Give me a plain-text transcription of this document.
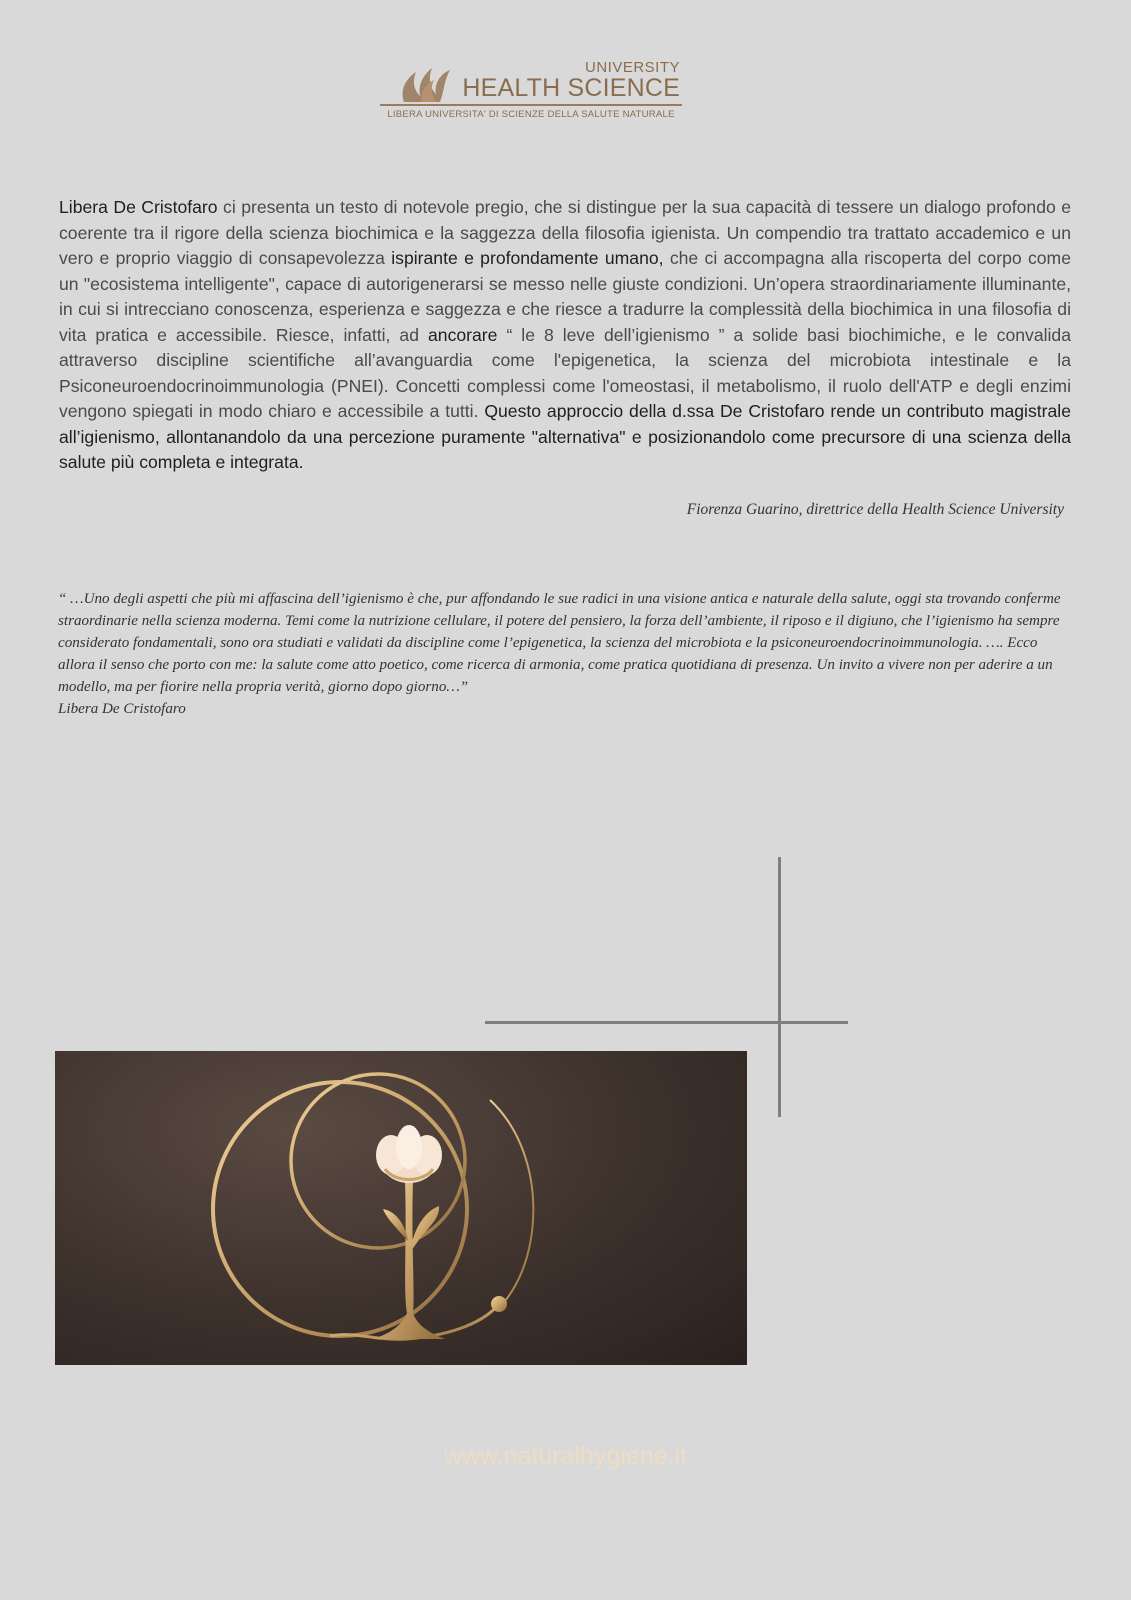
UNIVERSITY
HEALTH SCIENCE
LIBERA UNIVERSITA' DI SCIENZE DELLA SALUTE NATURALE
Libera De Cristofaro ci presenta un testo di notevole pregio, che si distingue per la sua capacità di tessere un dialogo profondo e coerente tra il rigore della scienza biochimica e la saggezza della filosofia igienista. Un compendio tra trattato accademico e un vero e proprio viaggio di consapevolezza ispirante e profondamente umano, che ci accompagna alla riscoperta del corpo come un "ecosistema intelligente", capace di autorigenerarsi se messo nelle giuste condizioni. Un’opera straordinariamente illuminante, in cui si intrecciano conoscenza, esperienza e saggezza e che riesce a tradurre la complessità della biochimica in una filosofia di vita pratica e accessibile. Riesce, infatti, ad ancorare “ le 8 leve dell’igienismo ” a solide basi biochimiche, e le convalida attraverso discipline scientifiche all’avanguardia come l'epigenetica, la scienza del microbiota intestinale e la Psiconeuroendocrinoimmunologia (PNEI). Concetti complessi come l'omeostasi, il metabolismo, il ruolo dell'ATP e degli enzimi vengono spiegati in modo chiaro e accessibile a tutti. Questo approccio della d.ssa De Cristofaro rende un contributo magistrale all’igienismo, allontanandolo da una percezione puramente "alternativa" e posizionandolo come precursore di una scienza della salute più completa e integrata.
Fiorenza Guarino, direttrice della Health Science University
“ …Uno degli aspetti che più mi affascina dell’igienismo è che, pur affondando le sue radici in una visione antica e naturale della salute, oggi sta trovando conferme straordinarie nella scienza moderna. Temi come la nutrizione cellulare, il potere del pensiero, la forza dell’ambiente, il riposo e il digiuno, che l’igienismo ha sempre considerato fondamentali, sono ora studiati e validati da discipline come l’epigenetica, la scienza del microbiota e la psiconeuroendocrinoimmunologia. …. Ecco allora il senso che porto con me: la salute come atto poetico, come ricerca di armonia, come pratica quotidiana di presenza. Un invito a vivere non per aderire a un modello, ma per fiorire nella propria verità, giorno dopo giorno…”
Libera De Cristofaro
www.naturalhygiene.it
